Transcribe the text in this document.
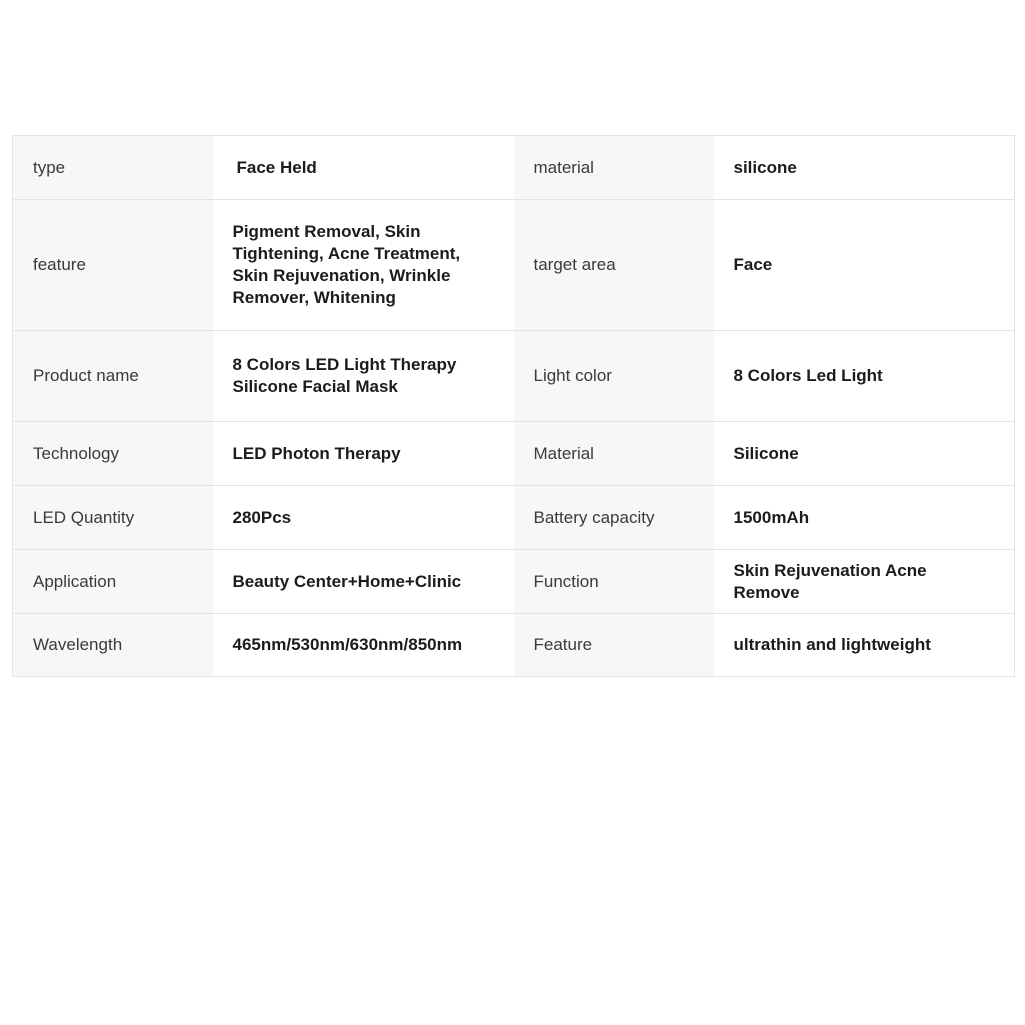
type	Face Held	material	silicone
feature	Pigment Removal, Skin Tightening, Acne Treatment, Skin Rejuvenation, Wrinkle Remover, Whitening	target area	Face
Product name	8 Colors LED Light Therapy Silicone Facial Mask	Light color	8 Colors Led Light
Technology	LED Photon Therapy	Material	Silicone
LED Quantity	280Pcs	Battery capacity	1500mAh
Application	Beauty Center+Home+Clinic	Function	Skin Rejuvenation Acne Remove
Wavelength	465nm/530nm/630nm/850nm	Feature	ultrathin and lightweight
